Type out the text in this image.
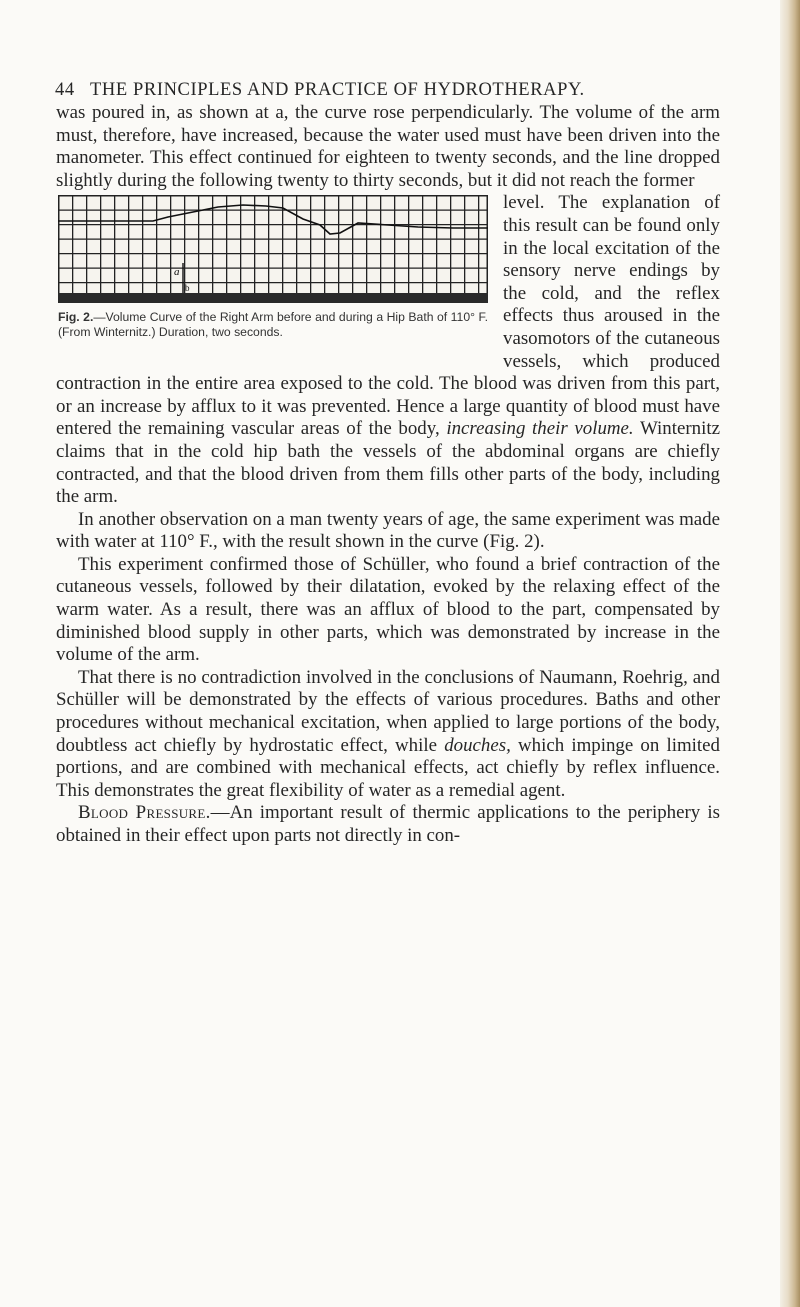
44 THE PRINCIPLES AND PRACTICE OF HYDROTHERAPY.

was poured in, as shown at a, the curve rose perpendicularly. The volume of the arm must, therefore, have increased, because the water used must have been driven into the manometer. This effect continued for eighteen to twenty seconds, and the line dropped slightly during the following twenty to thirty seconds, but it did not reach the former

a
b
Fig. 2.—Volume Curve of the Right Arm before and during a Hip Bath of 110° F. (From Winternitz.) Duration, two seconds.

level. The explanation of this result can be found only in the local excitation of the sensory nerve endings by the cold, and the reflex effects thus aroused in the vasomotors of the cutaneous vessels, which produced contraction in the entire area exposed to the cold. The blood was driven from this part, or an increase by afflux to it was prevented. Hence a large quantity of blood must have entered the remaining vascular areas of the body, increasing their volume. Winternitz claims that in the cold hip bath the vessels of the abdominal organs are chiefly contracted, and that the blood driven from them fills other parts of the body, including the arm.

In another observation on a man twenty years of age, the same experiment was made with water at 110° F., with the result shown in the curve (Fig. 2).

This experiment confirmed those of Schüller, who found a brief contraction of the cutaneous vessels, followed by their dilatation, evoked by the relaxing effect of the warm water. As a result, there was an afflux of blood to the part, compensated by diminished blood supply in other parts, which was demonstrated by increase in the volume of the arm.

That there is no contradiction involved in the conclusions of Naumann, Roehrig, and Schüller will be demonstrated by the effects of various procedures. Baths and other procedures without mechanical excitation, when applied to large portions of the body, doubtless act chiefly by hydrostatic effect, while douches, which impinge on limited portions, and are combined with mechanical effects, act chiefly by reflex influence. This demonstrates the great flexibility of water as a remedial agent.

Blood Pressure.—An important result of thermic applications to the periphery is obtained in their effect upon parts not directly in con-
